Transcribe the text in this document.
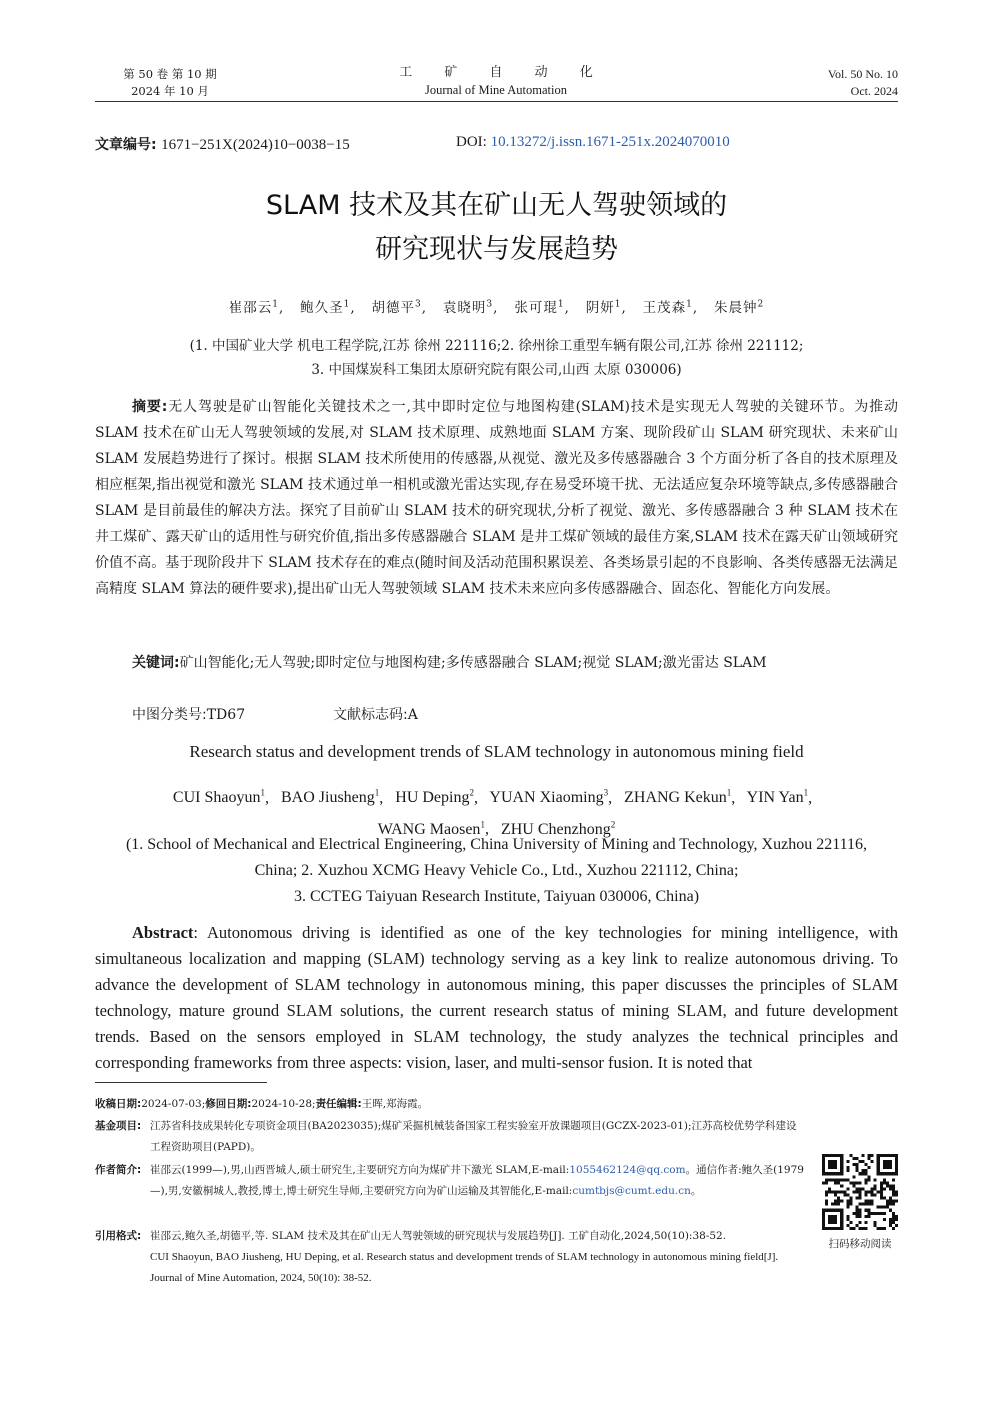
第 50 卷 第 10 期
2024 年 10 月
工 矿 自 动 化
Journal of Mine Automation
Vol. 50 No. 10
Oct. 2024
文章编号: 1671−251X(2024)10−0038−15	DOI: 10.13272/j.issn.1671-251x.2024070010
SLAM 技术及其在矿山无人驾驶领域的
研究现状与发展趋势
崔邵云$^1$,   鲍久圣$^1$,   胡德平$^3$,   袁晓明$^3$,   张可琨$^1$,   阴妍$^1$,   王茂森$^1$,   朱晨钟$^2$
(1. 中国矿业大学 机电工程学院,江苏 徐州 221116;2. 徐州徐工重型车辆有限公司,江苏 徐州 221112;
3. 中国煤炭科工集团太原研究院有限公司,山西 太原 030006)
摘要:无人驾驶是矿山智能化关键技术之一,其中即时定位与地图构建(SLAM)技术是实现无人驾驶的关键环节。为推动 SLAM 技术在矿山无人驾驶领域的发展,对 SLAM 技术原理、成熟地面 SLAM 方案、现阶段矿山 SLAM 研究现状、未来矿山 SLAM 发展趋势进行了探讨。根据 SLAM 技术所使用的传感器,从视觉、激光及多传感器融合 3 个方面分析了各自的技术原理及相应框架,指出视觉和激光 SLAM 技术通过单一相机或激光雷达实现,存在易受环境干扰、无法适应复杂环境等缺点,多传感器融合 SLAM 是目前最佳的解决方法。探究了目前矿山 SLAM 技术的研究现状,分析了视觉、激光、多传感器融合 3 种 SLAM 技术在井工煤矿、露天矿山的适用性与研究价值,指出多传感器融合 SLAM 是井工煤矿领域的最佳方案,SLAM 技术在露天矿山领域研究价值不高。基于现阶段井下 SLAM 技术存在的难点(随时间及活动范围积累误差、各类场景引起的不良影响、各类传感器无法满足高精度 SLAM 算法的硬件要求),提出矿山无人驾驶领域 SLAM 技术未来应向多传感器融合、固态化、智能化方向发展。
关键词:矿山智能化;无人驾驶;即时定位与地图构建;多传感器融合 SLAM;视觉 SLAM;激光雷达 SLAM
中图分类号:TD67	文献标志码:A
Research status and development trends of SLAM technology in autonomous mining field
CUI Shaoyun$^1$,   BAO Jiusheng$^1$,   HU Deping$^2$,   YUAN Xiaoming$^3$,   ZHANG Kekun$^1$,   YIN Yan$^1$,
WANG Maosen$^1$,   ZHU Chenzhong$^2$
(1. School of Mechanical and Electrical Engineering, China University of Mining and Technology, Xuzhou 221116,
China; 2. Xuzhou XCMG Heavy Vehicle Co., Ltd., Xuzhou 221112, China;
3. CCTEG Taiyuan Research Institute, Taiyuan 030006, China)
Abstract: Autonomous driving is identified as one of the key technologies for mining intelligence, with simultaneous localization and mapping (SLAM) technology serving as a key link to realize autonomous driving. To advance the development of SLAM technology in autonomous mining, this paper discusses the principles of SLAM technology, mature ground SLAM solutions, the current research status of mining SLAM, and future development trends. Based on the sensors employed in SLAM technology, the study analyzes the technical principles and corresponding frameworks from three aspects: vision, laser, and multi-sensor fusion. It is noted that
收稿日期:2024-07-03;修回日期:2024-10-28;责任编辑:王晖,郑海霞。
基金项目: 江苏省科技成果转化专项资金项目(BA2023035);煤矿采掘机械装备国家工程实验室开放课题项目(GCZX-2023-01);江苏高校优势学科建设工程资助项目(PAPD)。
作者简介: 崔邵云(1999—),男,山西晋城人,硕士研究生,主要研究方向为煤矿井下激光 SLAM,E-mail:1055462124@qq.com。通信作者:鲍久圣(1979—),男,安徽桐城人,教授,博士,博士研究生导师,主要研究方向为矿山运输及其智能化,E-mail:cumtbjs@cumt.edu.cn。
引用格式: 崔邵云,鲍久圣,胡德平,等. SLAM 技术及其在矿山无人驾驶领域的研究现状与发展趋势[J]. 工矿自动化,2024,50(10):38-52.
CUI Shaoyun, BAO Jiusheng, HU Deping, et al. Research status and development trends of SLAM technology in autonomous mining field[J]. Journal of Mine Automation, 2024, 50(10): 38-52.
扫码移动阅读
